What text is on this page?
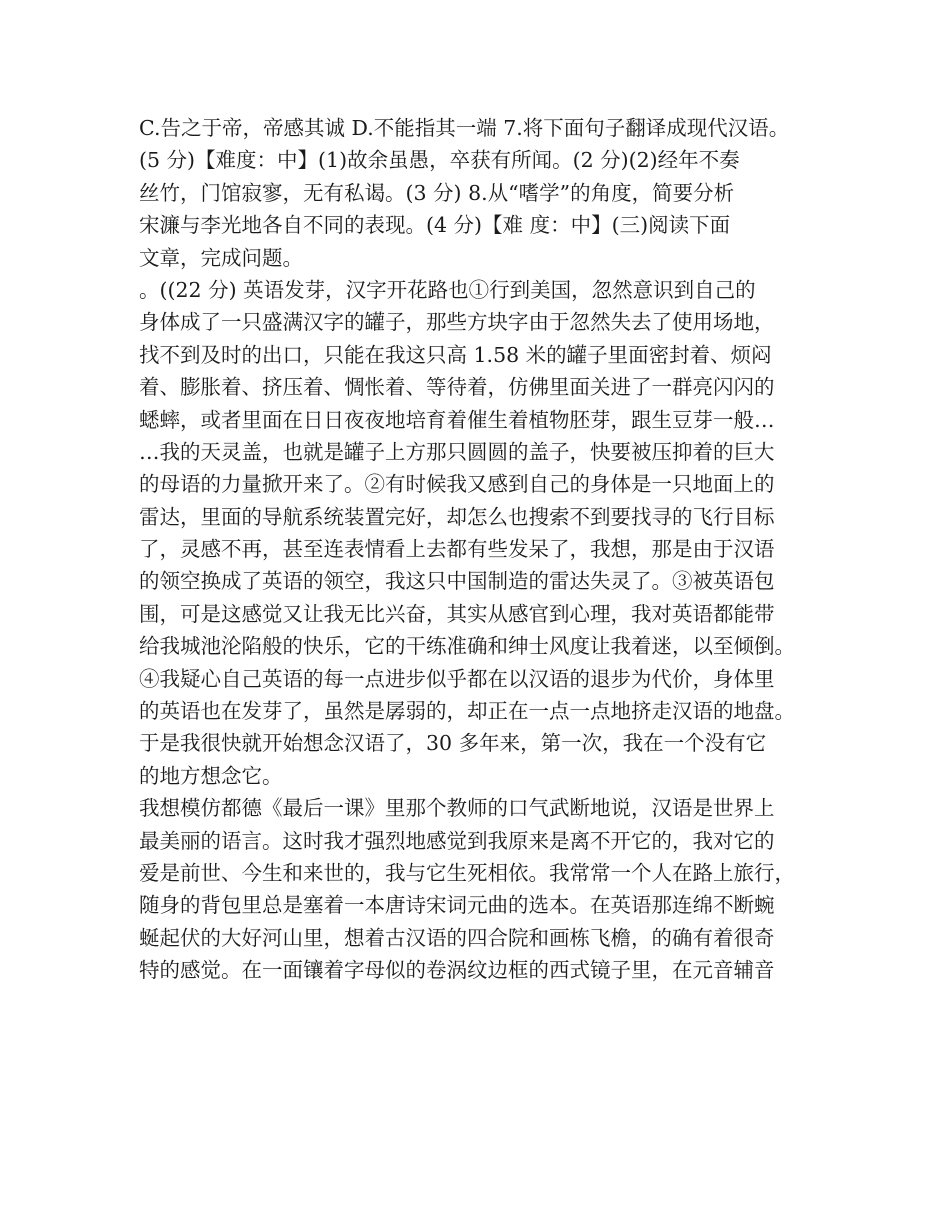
C.告之于帝，帝感其诚 D.不能指其一端 7.将下面句子翻译成现代汉语。
(5 分)【难度：中】(1)故余虽愚，卒获有所闻。(2 分)(2)经年不奏
丝竹，门馆寂寥，无有私谒。(3 分) 8.从“嗜学”的角度，简要分析
宋濂与李光地各自不同的表现。(4 分)【难 度：中】(三)阅读下面
文章，完成问题。
。((22 分) 英语发芽，汉字开花路也①行到美国，忽然意识到自己的
身体成了一只盛满汉字的罐子，那些方块字由于忽然失去了使用场地，
找不到及时的出口，只能在我这只高 1.58 米的罐子里面密封着、烦闷
着、膨胀着、挤压着、惆怅着、等待着，仿佛里面关进了一群亮闪闪的
蟋蟀，或者里面在日日夜夜地培育着催生着植物胚芽，跟生豆芽一般…
…我的天灵盖，也就是罐子上方那只圆圆的盖子，快要被压抑着的巨大
的母语的力量掀开来了。②有时候我又感到自己的身体是一只地面上的
雷达，里面的导航系统装置完好，却怎么也搜索不到要找寻的飞行目标
了，灵感不再，甚至连表情看上去都有些发呆了，我想，那是由于汉语
的领空换成了英语的领空，我这只中国制造的雷达失灵了。③被英语包
围，可是这感觉又让我无比兴奋，其实从感官到心理，我对英语都能带
给我城池沦陷般的快乐，它的干练准确和绅士风度让我着迷，以至倾倒。
④我疑心自己英语的每一点进步似乎都在以汉语的退步为代价，身体里
的英语也在发芽了，虽然是孱弱的，却正在一点一点地挤走汉语的地盘。
于是我很快就开始想念汉语了，30 多年来，第一次，我在一个没有它
的地方想念它。
我想模仿都德《最后一课》里那个教师的口气武断地说，汉语是世界上
最美丽的语言。这时我才强烈地感觉到我原来是离不开它的，我对它的
爱是前世、今生和来世的，我与它生死相依。我常常一个人在路上旅行，
随身的背包里总是塞着一本唐诗宋词元曲的选本。在英语那连绵不断蜿
蜒起伏的大好河山里，想着古汉语的四合院和画栋飞檐，的确有着很奇
特的感觉。在一面镶着字母似的卷涡纹边框的西式镜子里，在元音辅音
